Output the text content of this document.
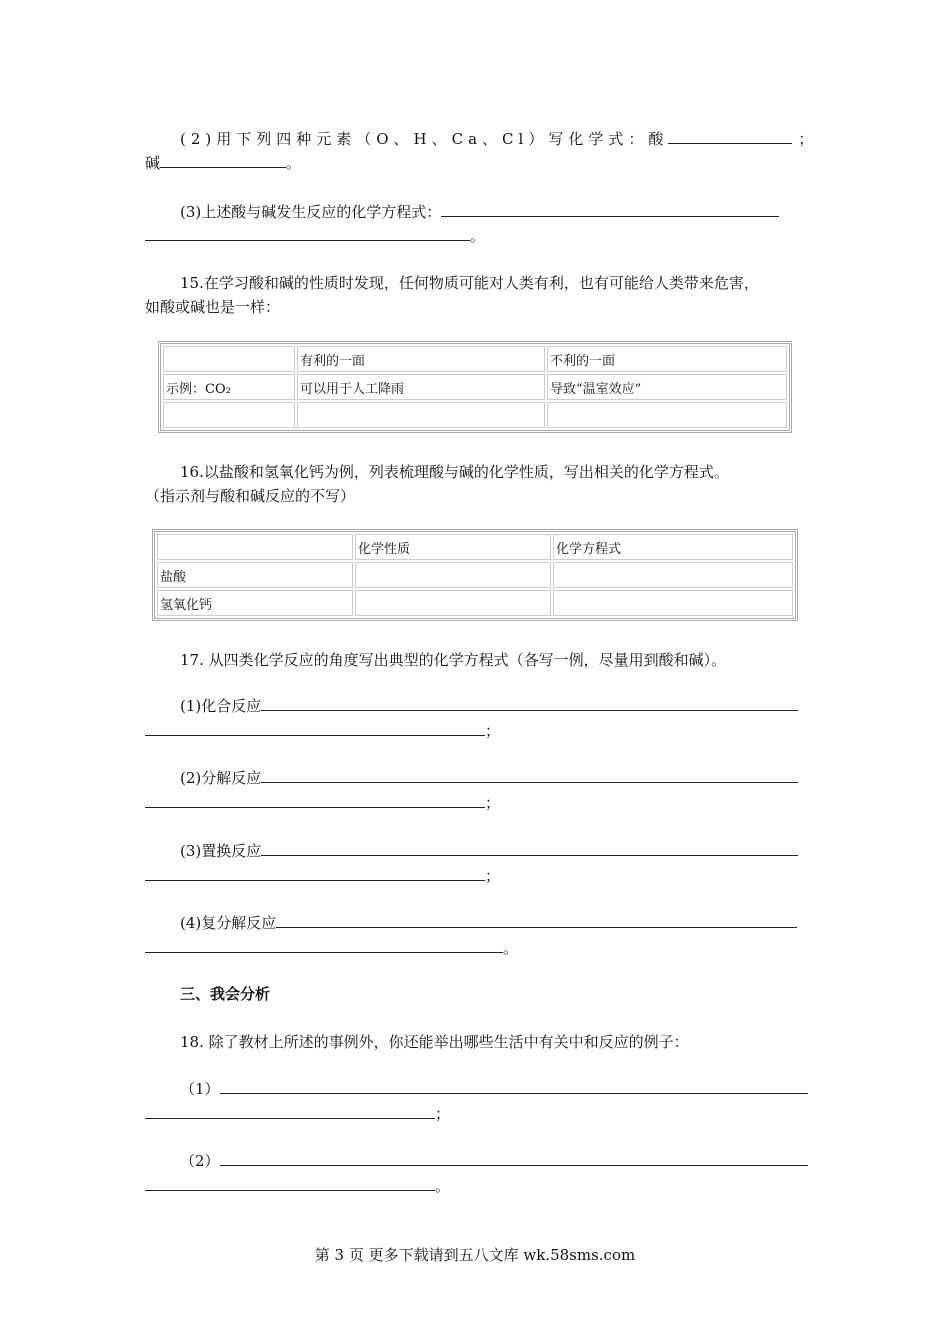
(2)用下列四种元素（O、H、Ca、Cl）写化学式：酸	；
碱	。
(3)上述酸与碱发生反应的化学方程式：
。
15.在学习酸和碱的性质时发现，任何物质可能对人类有利，也有可能给人类带来危害，
如酸或碱也是一样：
	有利的一面	不利的一面
示例：CO₂	可以用于人工降雨	导致“温室效应”

16.以盐酸和氢氧化钙为例，列表梳理酸与碱的化学性质，写出相关的化学方程式。
（指示剂与酸和碱反应的不写）
	化学性质	化学方程式
盐酸		
氢氧化钙		
17. 从四类化学反应的角度写出典型的化学方程式（各写一例，尽量用到酸和碱）。
(1)化合反应
；
(2)分解反应
；
(3)置换反应
；
(4)复分解反应
。
三、我会分析
18. 除了教材上所述的事例外，你还能举出哪些生活中有关中和反应的例子：
（1）
；
（2）
。
第 3 页 更多下载请到五八文库 wk.58sms.com
